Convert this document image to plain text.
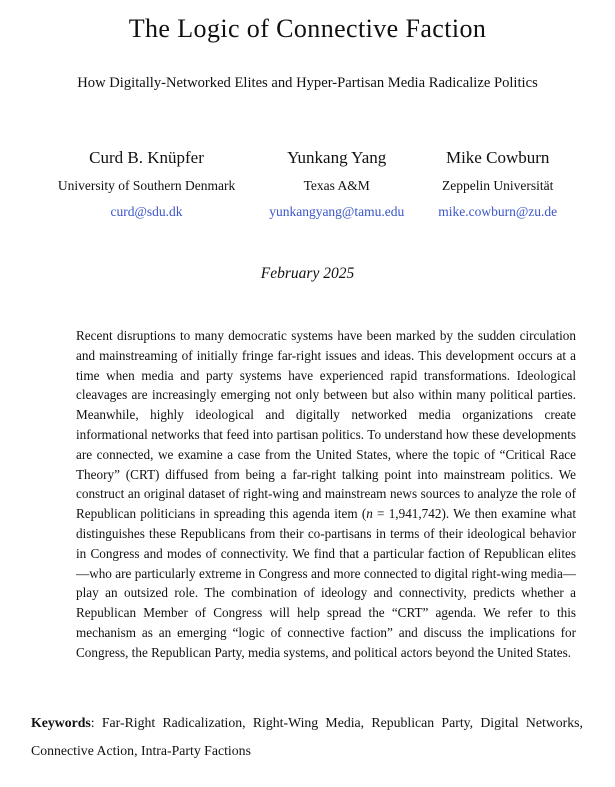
The Logic of Connective Faction
How Digitally-Networked Elites and Hyper-Partisan Media Radicalize Politics
Curd B. Knüpfer
University of Southern Denmark
curd@sdu.dk
Yunkang Yang
Texas A&M
yunkangyang@tamu.edu
Mike Cowburn
Zeppelin Universität
mike.cowburn@zu.de
February 2025

Recent disruptions to many democratic systems have been marked by the sudden circulation and mainstreaming of initially fringe far-right issues and ideas. This development occurs at a time when media and party systems have experienced rapid transformations. Ideological cleavages are increasingly emerging not only between but also within many political parties. Meanwhile, highly ideological and digitally networked media organizations create informational networks that feed into partisan politics. To understand how these developments are connected, we examine a case from the United States, where the topic of “Critical Race Theory” (CRT) diffused from being a far-right talking point into mainstream politics. We construct an original dataset of right-wing and mainstream news sources to analyze the role of Republican politicians in spreading this agenda item (n = 1,941,742). We then examine what distinguishes these Republicans from their co-partisans in terms of their ideological behavior in Congress and modes of connectivity. We find that a particular faction of Republican elites—who are particularly extreme in Congress and more connected to digital right-wing media—play an outsized role. The combination of ideology and connectivity, predicts whether a Republican Member of Congress will help spread the “CRT” agenda. We refer to this mechanism as an emerging “logic of connective faction” and discuss the implications for Congress, the Republican Party, media systems, and political actors beyond the United States.

Keywords: Far-Right Radicalization, Right-Wing Media, Republican Party, Digital Networks, Connective Action, Intra-Party Factions
